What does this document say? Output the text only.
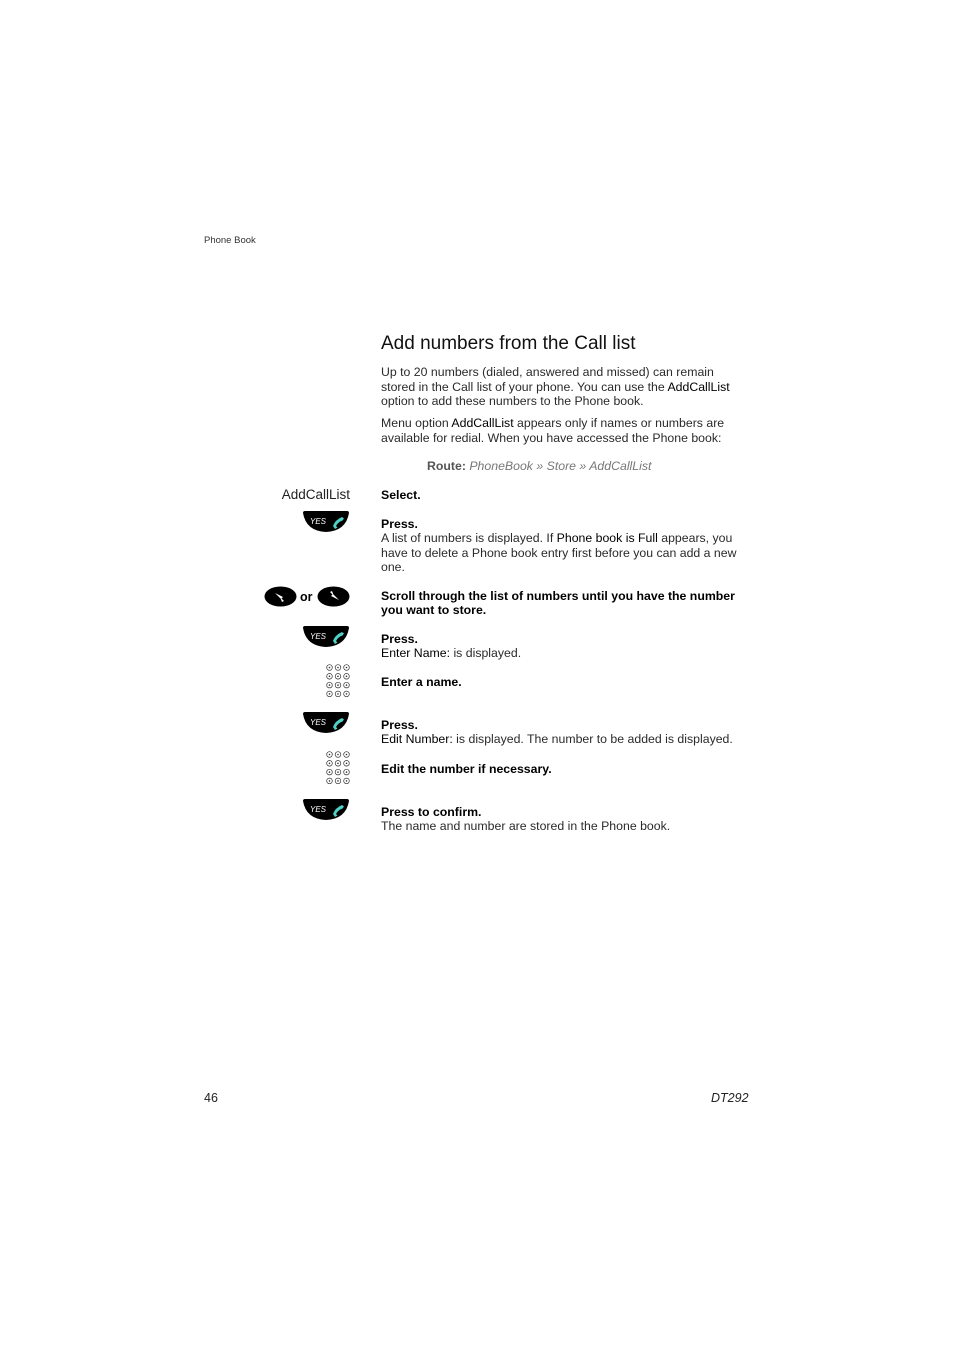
Phone Book
Add numbers from the Call list

Up to 20 numbers (dialed, answered and missed) can remain stored in the Call list of your phone. You can use the AddCallList option to add these numbers to the Phone book.

Menu option AddCallList appears only if names or numbers are available for redial. When you have accessed the Phone book:

Route: PhoneBook » Store » AddCallList
AddCallList	Select.
YES	Press.
A list of numbers is displayed. If Phone book is Full appears, you have to delete a Phone book entry first before you can add a new one.
or	Scroll through the list of numbers until you have the number you want to store.
YES	Press.
Enter Name: is displayed.
Enter a name.
YES	Press.
Edit Number: is displayed. The number to be added is displayed.
Edit the number if necessary.
YES	Press to confirm.
The name and number are stored in the Phone book.
46	DT292
